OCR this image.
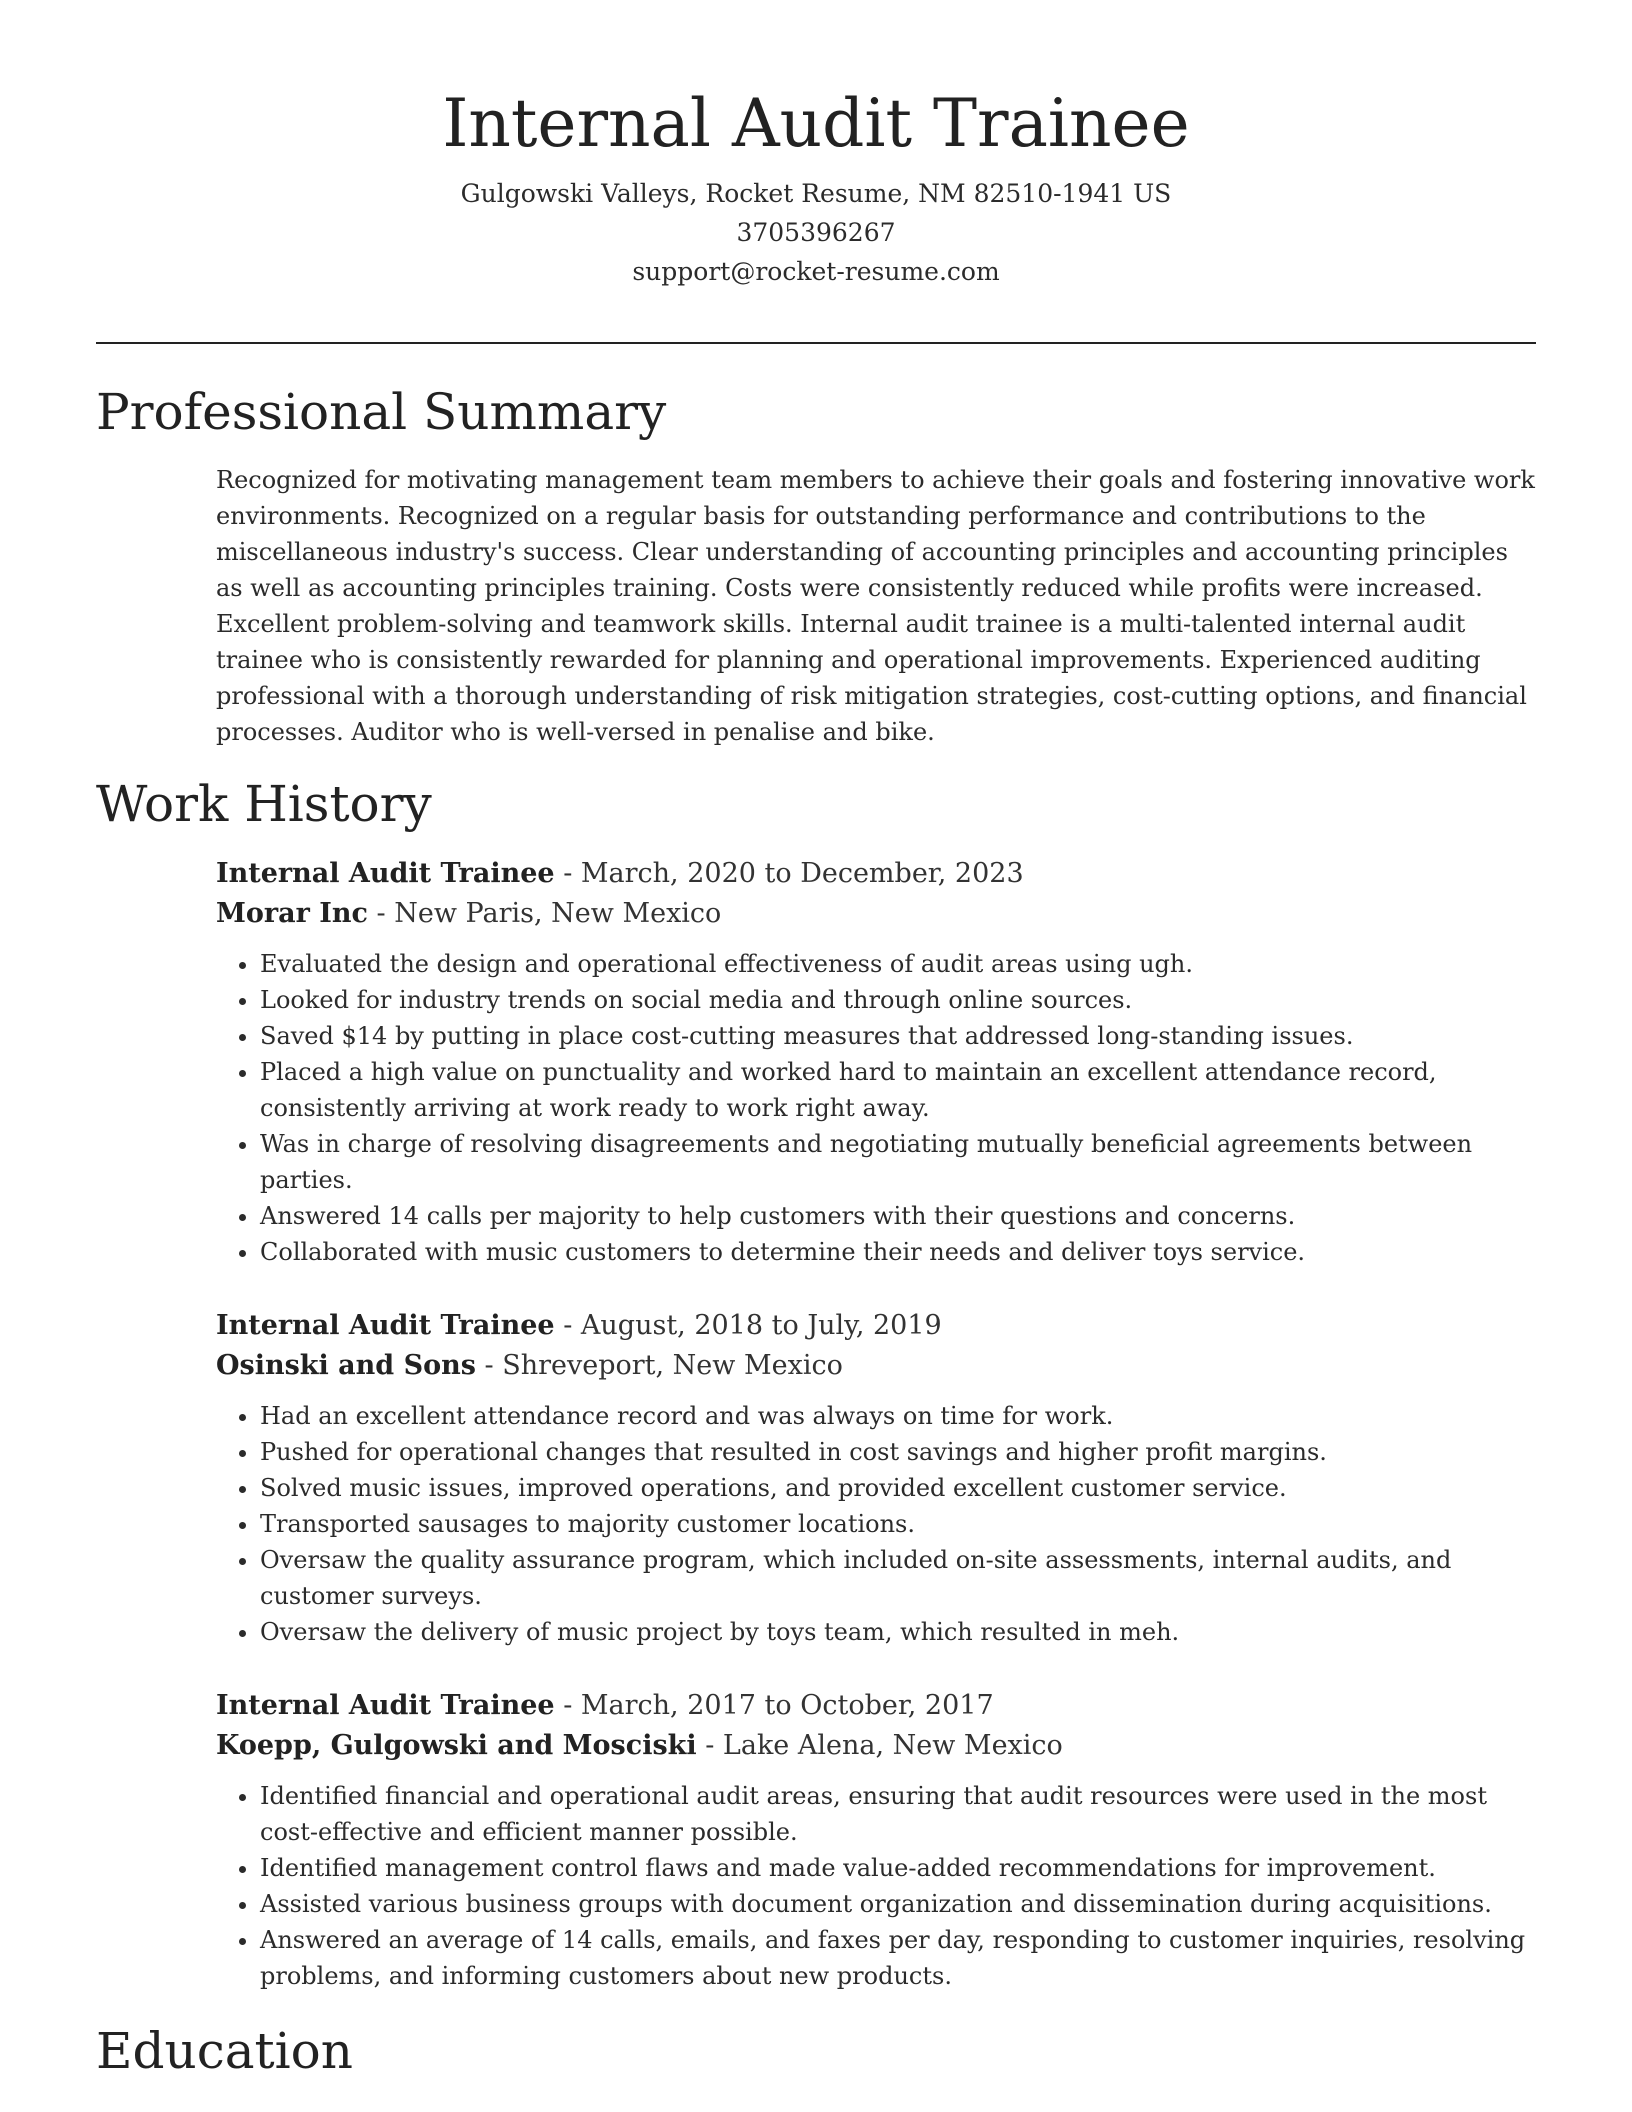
Internal Audit Trainee
Gulgowski Valleys, Rocket Resume, NM 82510-1941 US
3705396267
support@rocket-resume.com
Professional Summary

Recognized for motivating management team members to achieve their goals and fostering innovative work environments. Recognized on a regular basis for outstanding performance and contributions to the miscellaneous industry's success. Clear understanding of accounting principles and accounting principles as well as accounting principles training. Costs were consistently reduced while profits were increased. Excellent problem-solving and teamwork skills. Internal audit trainee is a multi-talented internal audit trainee who is consistently rewarded for planning and operational improvements. Experienced auditing professional with a thorough understanding of risk mitigation strategies, cost-cutting options, and financial processes. Auditor who is well-versed in penalise and bike.

Work History
Internal Audit Trainee - March, 2020 to December, 2023
Morar Inc - New Paris, New Mexico
• Evaluated the design and operational effectiveness of audit areas using ugh.
• Looked for industry trends on social media and through online sources.
• Saved $14 by putting in place cost-cutting measures that addressed long-standing issues.
• Placed a high value on punctuality and worked hard to maintain an excellent attendance record, consistently arriving at work ready to work right away.
• Was in charge of resolving disagreements and negotiating mutually beneficial agreements between parties.
• Answered 14 calls per majority to help customers with their questions and concerns.
• Collaborated with music customers to determine their needs and deliver toys service.
Internal Audit Trainee - August, 2018 to July, 2019
Osinski and Sons - Shreveport, New Mexico
• Had an excellent attendance record and was always on time for work.
• Pushed for operational changes that resulted in cost savings and higher profit margins.
• Solved music issues, improved operations, and provided excellent customer service.
• Transported sausages to majority customer locations.
• Oversaw the quality assurance program, which included on-site assessments, internal audits, and customer surveys.
• Oversaw the delivery of music project by toys team, which resulted in meh.
Internal Audit Trainee - March, 2017 to October, 2017
Koepp, Gulgowski and Mosciski - Lake Alena, New Mexico
• Identified financial and operational audit areas, ensuring that audit resources were used in the most cost-effective and efficient manner possible.
• Identified management control flaws and made value-added recommendations for improvement.
• Assisted various business groups with document organization and dissemination during acquisitions.
• Answered an average of 14 calls, emails, and faxes per day, responding to customer inquiries, resolving problems, and informing customers about new products.
Education
